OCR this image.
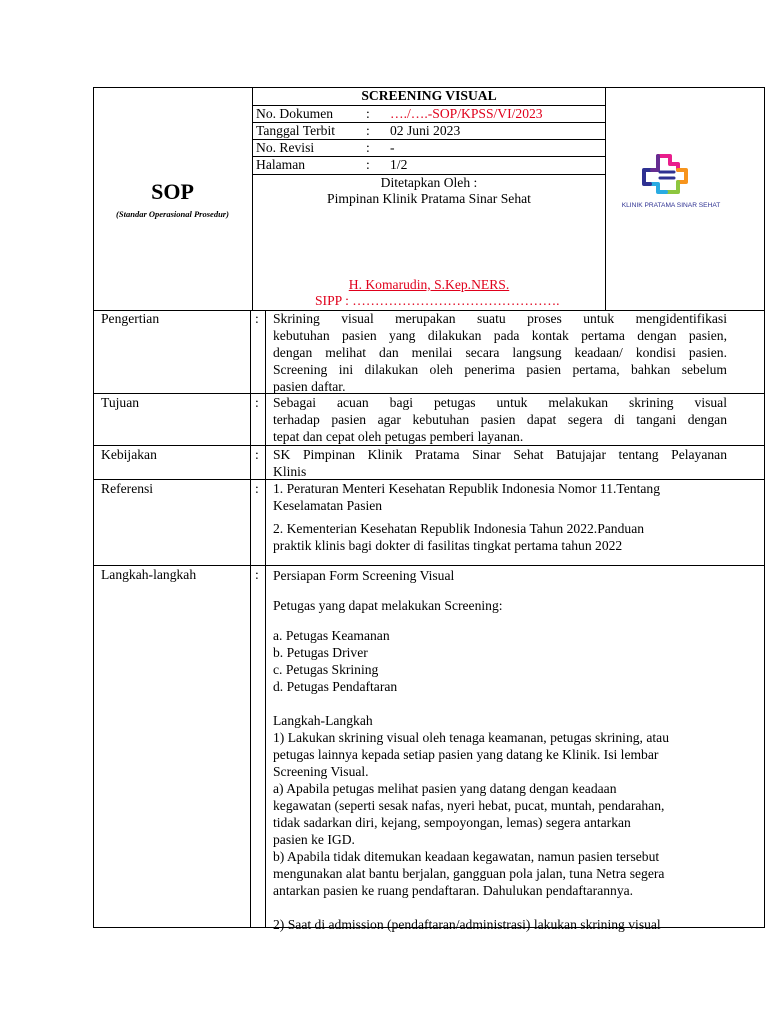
SOP
(Standar Operasional Prosedur)
SCREENING VISUAL
No. Dokumen : …./….-SOP/KPSS/VI/2023
Tanggal Terbit : 02 Juni 2023
No. Revisi	: -
Halaman	: 1/2
Ditetapkan Oleh :
Pimpinan Klinik Pratama Sinar Sehat
H. Komarudin, S.Kep.NERS.
SIPP : ……………………………………….
KLINIK PRATAMA SINAR SEHAT
Pengertian	: Skrining visual merupakan suatu proses untuk mengidentifikasi

kebutuhan pasien yang dilakukan pada kontak pertama dengan pasien,

dengan melihat dan menilai secara langsung keadaan/ kondisi pasien.

Screening ini dilakukan oleh penerima pasien pertama, bahkan sebelum

pasien daftar.

Tujuan	: Sebagai acuan bagi petugas untuk melakukan skrining visual

terhadap pasien agar kebutuhan pasien dapat segera di tangani dengan

tepat dan cepat oleh petugas pemberi layanan.

Kebijakan	: SK Pimpinan Klinik Pratama Sinar Sehat Batujajar tentang Pelayanan

Klinis

Referensi	: 1. Peraturan Menteri Kesehatan Republik Indonesia Nomor 11.Tentang

Keselamatan Pasien

2. Kementerian Kesehatan Republik Indonesia Tahun 2022.Panduan

praktik klinis bagi dokter di fasilitas tingkat pertama tahun 2022

Langkah-langkah	: Persiapan Form Screening Visual

Petugas yang dapat melakukan Screening:

a. Petugas Keamanan

b. Petugas Driver

c. Petugas Skrining

d. Petugas Pendaftaran

Langkah-Langkah

1) Lakukan skrining visual oleh tenaga keamanan, petugas skrining, atau

petugas lainnya kepada setiap pasien yang datang ke Klinik. Isi lembar

Screening Visual.

a) Apabila petugas melihat pasien yang datang dengan keadaan

kegawatan (seperti sesak nafas, nyeri hebat, pucat, muntah, pendarahan,

tidak sadarkan diri, kejang, sempoyongan, lemas) segera antarkan

pasien ke IGD.

b) Apabila tidak ditemukan keadaan kegawatan, namun pasien tersebut

mengunakan alat bantu berjalan, gangguan pola jalan, tuna Netra segera

antarkan pasien ke ruang pendaftaran. Dahulukan pendaftarannya.

2) Saat di admission (pendaftaran/administrasi) lakukan skrining visual
